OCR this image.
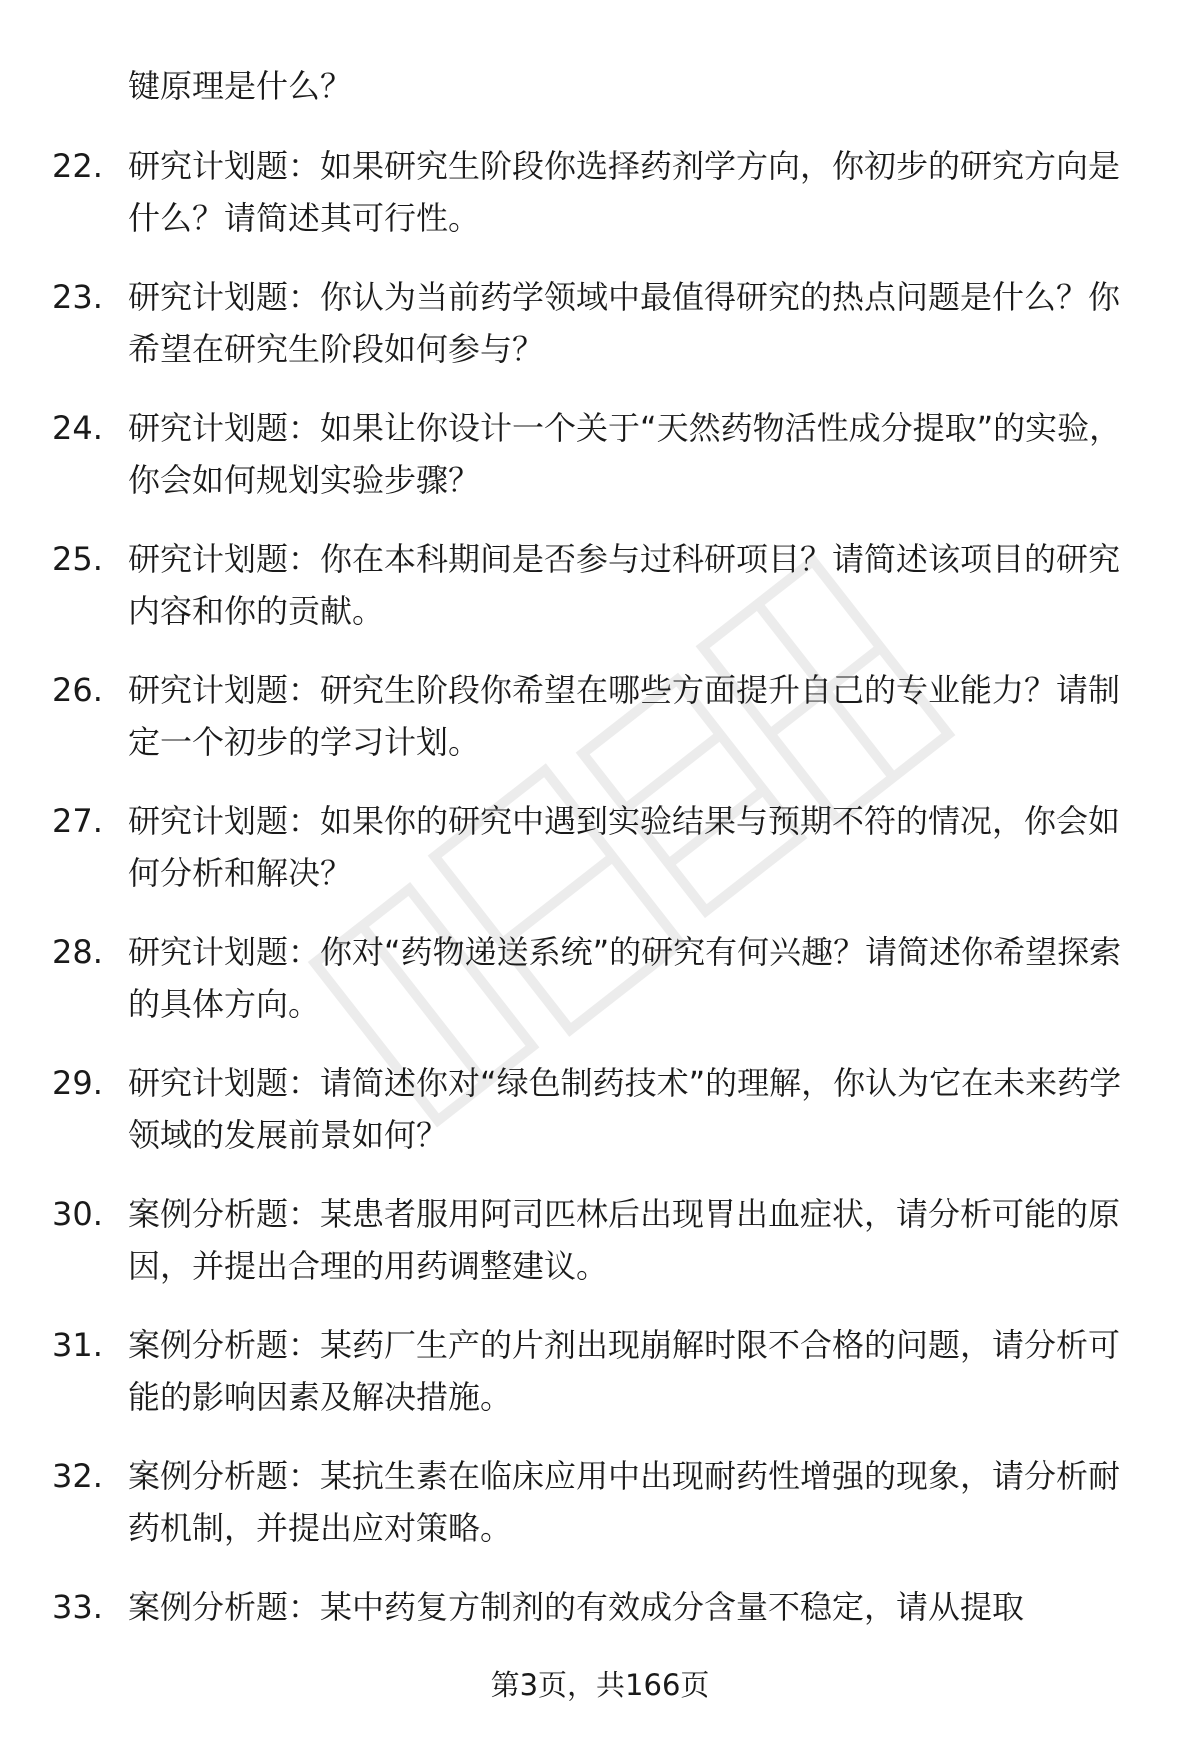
键原理是什么？

22. 研究计划题：如果研究生阶段你选择药剂学方向，你初步的研究方向是什么？请简述其可行性。

23. 研究计划题：你认为当前药学领域中最值得研究的热点问题是什么？你希望在研究生阶段如何参与？

24. 研究计划题：如果让你设计一个关于“天然药物活性成分提取”的实验，你会如何规划实验步骤？

25. 研究计划题：你在本科期间是否参与过科研项目？请简述该项目的研究内容和你的贡献。

26. 研究计划题：研究生阶段你希望在哪些方面提升自己的专业能力？请制定一个初步的学习计划。

27. 研究计划题：如果你的研究中遇到实验结果与预期不符的情况，你会如何分析和解决？

28. 研究计划题：你对“药物递送系统”的研究有何兴趣？请简述你希望探索的具体方向。

29. 研究计划题：请简述你对“绿色制药技术”的理解，你认为它在未来药学领域的发展前景如何？

30. 案例分析题：某患者服用阿司匹林后出现胃出血症状，请分析可能的原因，并提出合理的用药调整建议。

31. 案例分析题：某药厂生产的片剂出现崩解时限不合格的问题，请分析可能的影响因素及解决措施。

32. 案例分析题：某抗生素在临床应用中出现耐药性增强的现象，请分析耐药机制，并提出应对策略。

33. 案例分析题：某中药复方制剂的有效成分含量不稳定，请从提取

第3页，共166页
